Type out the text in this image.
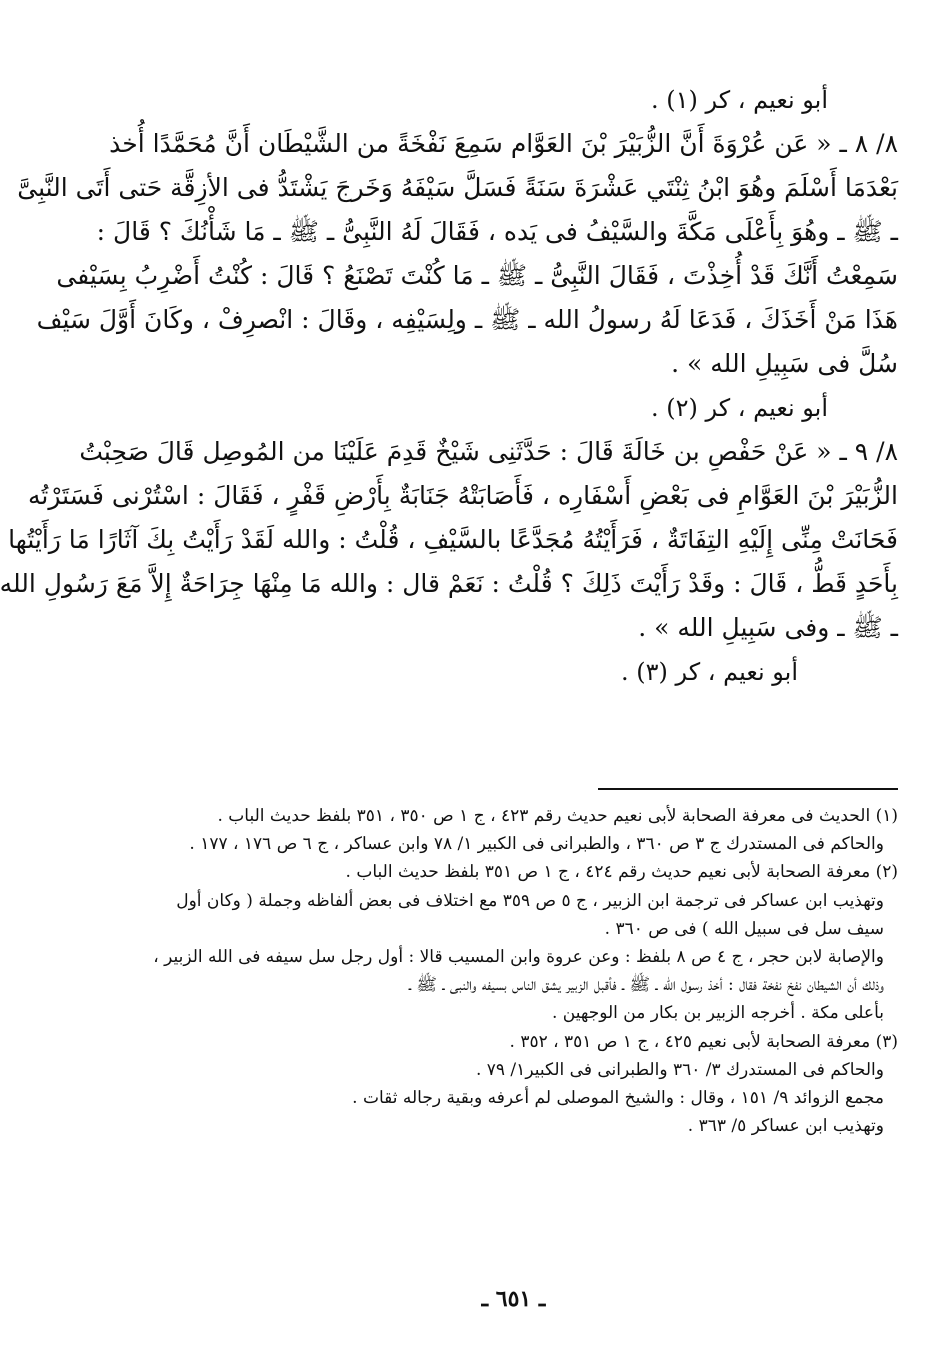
أبو نعيم ، كر (١) .

٨/ ٨ ـ « عَن عُرْوَةَ أَنَّ الزُّبَيْرَ بْنَ العَوَّام سَمِعَ نَفْخَةً من الشَّيْطَان أَنَّ مُحَمَّدًا أُخذ

بَعْدَمَا أَسْلَمَ وهُوَ ابْنُ ثِنْتَي عَشْرَةَ سَنَةً فَسَلَّ سَيْفَهُ وَخَرجَ يَشْتَدُّ فى الأزِقَّة حَتى أَتَى النَّبِىَّ

ـ ﷺ ـ وهُوَ بِأَعْلَى مَكَّةَ والسَّيْفُ فى يَده ، فَقَالَ لَهُ النَّبِىُّ ـ ﷺ ـ مَا شَأْنُكَ ؟ قَالَ :

سَمِعْتُ أَنَّكَ قَدْ أُخِذْتَ ، فَقَالَ النَّبِىُّ ـ ﷺ ـ مَا كُنْتَ تَصْنَعُ ؟ قَالَ : كُنْتُ أَضْرِبُ بِسَيْفى

هَذَا مَنْ أَخَذَكَ ، فَدَعَا لَهُ رسولُ الله ـ ﷺ ـ ولِسَيْفِه ، وقَالَ : انْصرِفْ ، وكَانَ أَوَّلَ سَيْف

سُلَّ فى سَبِيلِ الله » .

أبو نعيم ، كر (٢) .

٨/ ٩ ـ « عَنْ حَفْصِ بن خَالَةَ قَالَ : حَدَّثَنِى شَيْخٌ قَدِمَ عَلَيْنَا من المُوصِل قَالَ صَحِبْتُ

الزُّبَيْرَ بْنَ العَوَّامِ فى بَعْضِ أَسْفَارِه ، فَأَصَابَتْهُ جَنَابَةٌ بِأَرْضِ قَفْرٍ ، فَقَالَ : اسْتُرْنى فَسَتَرْتُه

فَحَانَتْ مِنِّى إِلَيْهِ التِفَاتَةٌ ، فَرَأَيْتُهُ مُجَدَّعًا بالسَّيْفِ ، قُلْتُ : والله لَقَدْ رَأَيْتُ بِكَ آثَارًا مَا رَأَيْتُها

بِأَحَدٍ قَطُّ ، قَالَ : وقَدْ رَأَيْتَ ذَلِكَ ؟ قُلْتُ : نَعَمْ قال : والله مَا مِنْهَا جِرَاحَةٌ إِلاَّ مَعَ رَسُولِ الله

ـ ﷺ ـ وفى سَبِيلِ الله » .

أبو نعيم ، كر (٣) .

(١) الحديث فى معرفة الصحابة لأبى نعيم حديث رقم ٤٢٣ ، ج ١ ص ٣٥٠ ، ٣٥١ بلفظ حديث الباب .

والحاكم فى المستدرك ج ٣ ص ٣٦٠ ، والطبرانى فى الكبير ١/ ٧٨ وابن عساكر ، ج ٦ ص ١٧٦ ، ١٧٧ .

(٢) معرفة الصحابة لأبى نعيم حديث رقم ٤٢٤ ، ج ١ ص ٣٥١ بلفظ حديث الباب .

وتهذيب ابن عساكر فى ترجمة ابن الزبير ، ج ٥ ص ٣٥٩ مع اختلاف فى بعض ألفاظه وجملة ( وكان أول

سيف سل فى سبيل الله ) فى ص ٣٦٠ .

والإصابة لابن حجر ، ج ٤ ص ٨ بلفظ : وعن عروة وابن المسيب قالا : أول رجل سل سيفه فى الله الزبير ،

وذلك أن الشيطان نفخ نفخة فقال : أخذ رسول الله ـ ﷺ ـ فأقبل الزبير يشق الناس بسيفه والنبى ـ ﷺ ـ

بأعلى مكة . أخرجه الزبير بن بكار من الوجهين .

(٣) معرفة الصحابة لأبى نعيم ٤٢٥ ، ج ١ ص ٣٥١ ، ٣٥٢ .

والحاكم فى المستدرك ٣/ ٣٦٠ والطبرانى فى الكبير١/ ٧٩ .

مجمع الزوائد ٩/ ١٥١ ، وقال : والشيخ الموصلى لم أعرفه وبقية رجاله ثقات .

وتهذيب ابن عساكر ٥/ ٣٦٣ .

ـ ٦٥١ ـ
